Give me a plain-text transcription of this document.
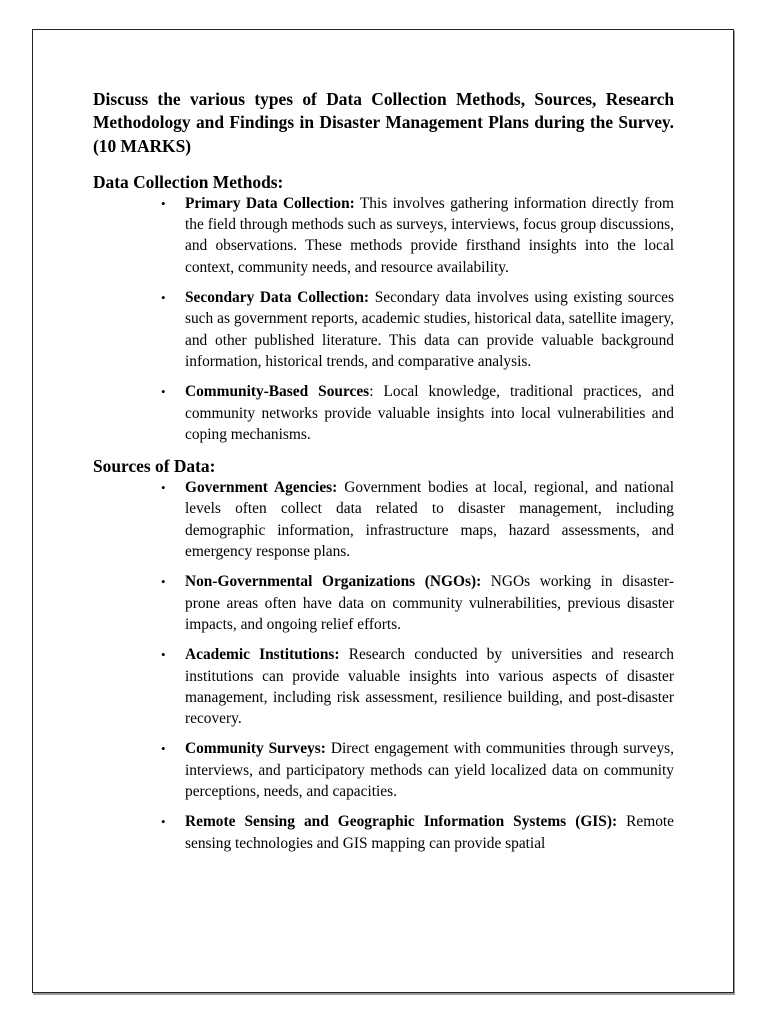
Discuss the various types of Data Collection Methods, Sources, Research Methodology and Findings in Disaster Management Plans during the Survey.(10 MARKS)

Data Collection Methods:

• Primary Data Collection: This involves gathering information directly from the field through methods such as surveys, interviews, focus group discussions, and observations. These methods provide firsthand insights into the local context, community needs, and resource availability.
• Secondary Data Collection: Secondary data involves using existing sources such as government reports, academic studies, historical data, satellite imagery, and other published literature. This data can provide valuable background information, historical trends, and comparative analysis.
• Community-Based Sources: Local knowledge, traditional practices, and community networks provide valuable insights into local vulnerabilities and coping mechanisms.

Sources of Data:

• Government Agencies: Government bodies at local, regional, and national levels often collect data related to disaster management, including demographic information, infrastructure maps, hazard assessments, and emergency response plans.
• Non-Governmental Organizations (NGOs): NGOs working in disaster-prone areas often have data on community vulnerabilities, previous disaster impacts, and ongoing relief efforts.
• Academic Institutions: Research conducted by universities and research institutions can provide valuable insights into various aspects of disaster management, including risk assessment, resilience building, and post-disaster recovery.
• Community Surveys: Direct engagement with communities through surveys, interviews, and participatory methods can yield localized data on community perceptions, needs, and capacities.
• Remote Sensing and Geographic Information Systems (GIS): Remote sensing technologies and GIS mapping can provide spatial
